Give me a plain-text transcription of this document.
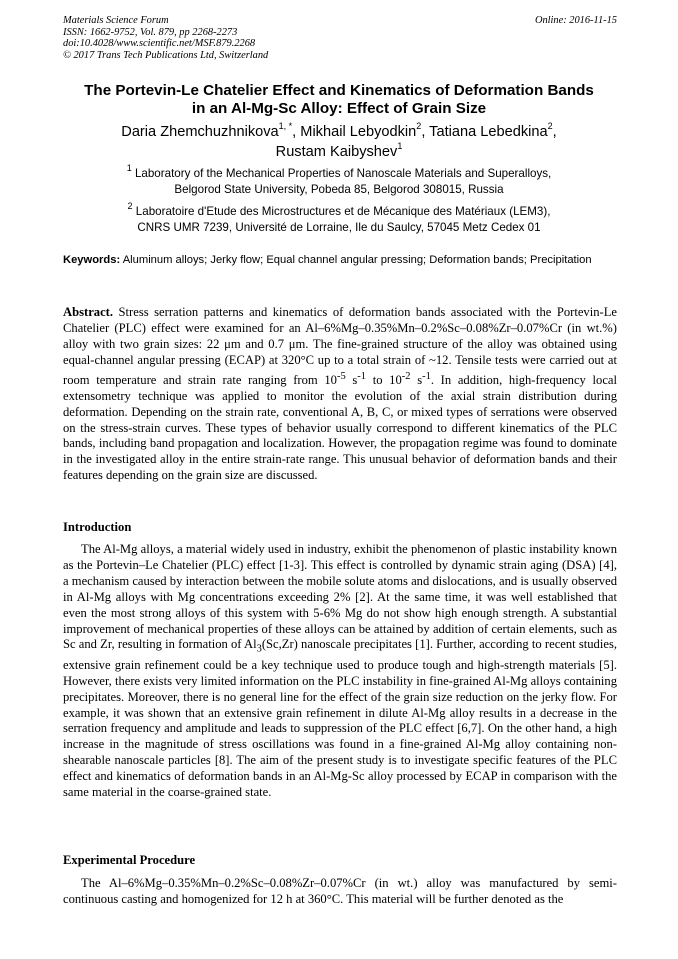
Materials Science Forum
ISSN: 1662-9752, Vol. 879, pp 2268-2273
doi:10.4028/www.scientific.net/MSF.879.2268
© 2017 Trans Tech Publications Ltd, Switzerland
Online: 2016-11-15
The Portevin-Le Chatelier Effect and Kinematics of Deformation Bands
in an Al-Mg-Sc Alloy: Effect of Grain Size
Daria Zhemchuzhnikova$^{1, *}$, Mikhail Lebyodkin$^2$, Tatiana Lebedkina$^2$,
Rustam Kaibyshev$^1$
$^1$ Laboratory of the Mechanical Properties of Nanoscale Materials and Superalloys,
Belgorod State University, Pobeda 85, Belgorod 308015, Russia
$^2$ Laboratoire d'Etude des Microstructures et de Mécanique des Matériaux (LEM3),
CNRS UMR 7239, Université de Lorraine, Ile du Saulcy, 57045 Metz Cedex 01
Keywords: Aluminum alloys; Jerky flow; Equal channel angular pressing; Deformation bands; Precipitation
Abstract. Stress serration patterns and kinematics of deformation bands associated with the Portevin-Le Chatelier (PLC) effect were examined for an Al–6%Mg–0.35%Mn–0.2%Sc–0.08%Zr–0.07%Cr (in wt.%) alloy with two grain sizes: 22 μm and 0.7 μm. The fine-grained structure of the alloy was obtained using equal-channel angular pressing (ECAP) at 320°C up to a total strain of ~12. Tensile tests were carried out at room temperature and strain rate ranging from $10^{-5}$ $s^{-1}$ to $10^{-2}$ $s^{-1}$. In addition, high-frequency local extensometry technique was applied to monitor the evolution of the axial strain distribution during deformation. Depending on the strain rate, conventional A, B, C, or mixed types of serrations were observed on the stress-strain curves. These types of behavior usually correspond to different kinematics of the PLC bands, including band propagation and localization. However, the propagation regime was found to dominate in the investigated alloy in the entire strain-rate range. This unusual behavior of deformation bands and their features depending on the grain size are discussed.
Introduction
The Al-Mg alloys, a material widely used in industry, exhibit the phenomenon of plastic instability known as the Portevin–Le Chatelier (PLC) effect [1-3]. This effect is controlled by dynamic strain aging (DSA) [4], a mechanism caused by interaction between the mobile solute atoms and dislocations, and is usually observed in Al-Mg alloys with Mg concentrations exceeding 2% [2]. At the same time, it was well established that even the most strong alloys of this system with 5-6% Mg do not show high enough strength. A substantial improvement of mechanical properties of these alloys can be attained by addition of certain elements, such as Sc and Zr, resulting in formation of $Al_3(Sc,Zr)$ nanoscale precipitates [1]. Further, according to recent studies, extensive grain refinement could be a key technique used to produce tough and high-strength materials [5]. However, there exists very limited information on the PLC instability in fine-grained Al-Mg alloys containing precipitates. Moreover, there is no general line for the effect of the grain size reduction on the jerky flow. For example, it was shown that an extensive grain refinement in dilute Al-Mg alloy results in a decrease in the serration frequency and amplitude and leads to suppression of the PLC effect [6,7]. On the other hand, a high increase in the magnitude of stress oscillations was found in a fine-grained Al-Mg alloy containing non-shearable nanoscale particles [8]. The aim of the present study is to investigate specific features of the PLC effect and kinematics of deformation bands in an Al-Mg-Sc alloy processed by ECAP in comparison with the same material in the coarse-grained state.
Experimental Procedure
The Al–6%Mg–0.35%Mn–0.2%Sc–0.08%Zr–0.07%Cr (in wt.) alloy was manufactured by semi-continuous casting and homogenized for 12 h at 360°C. This material will be further denoted as the
